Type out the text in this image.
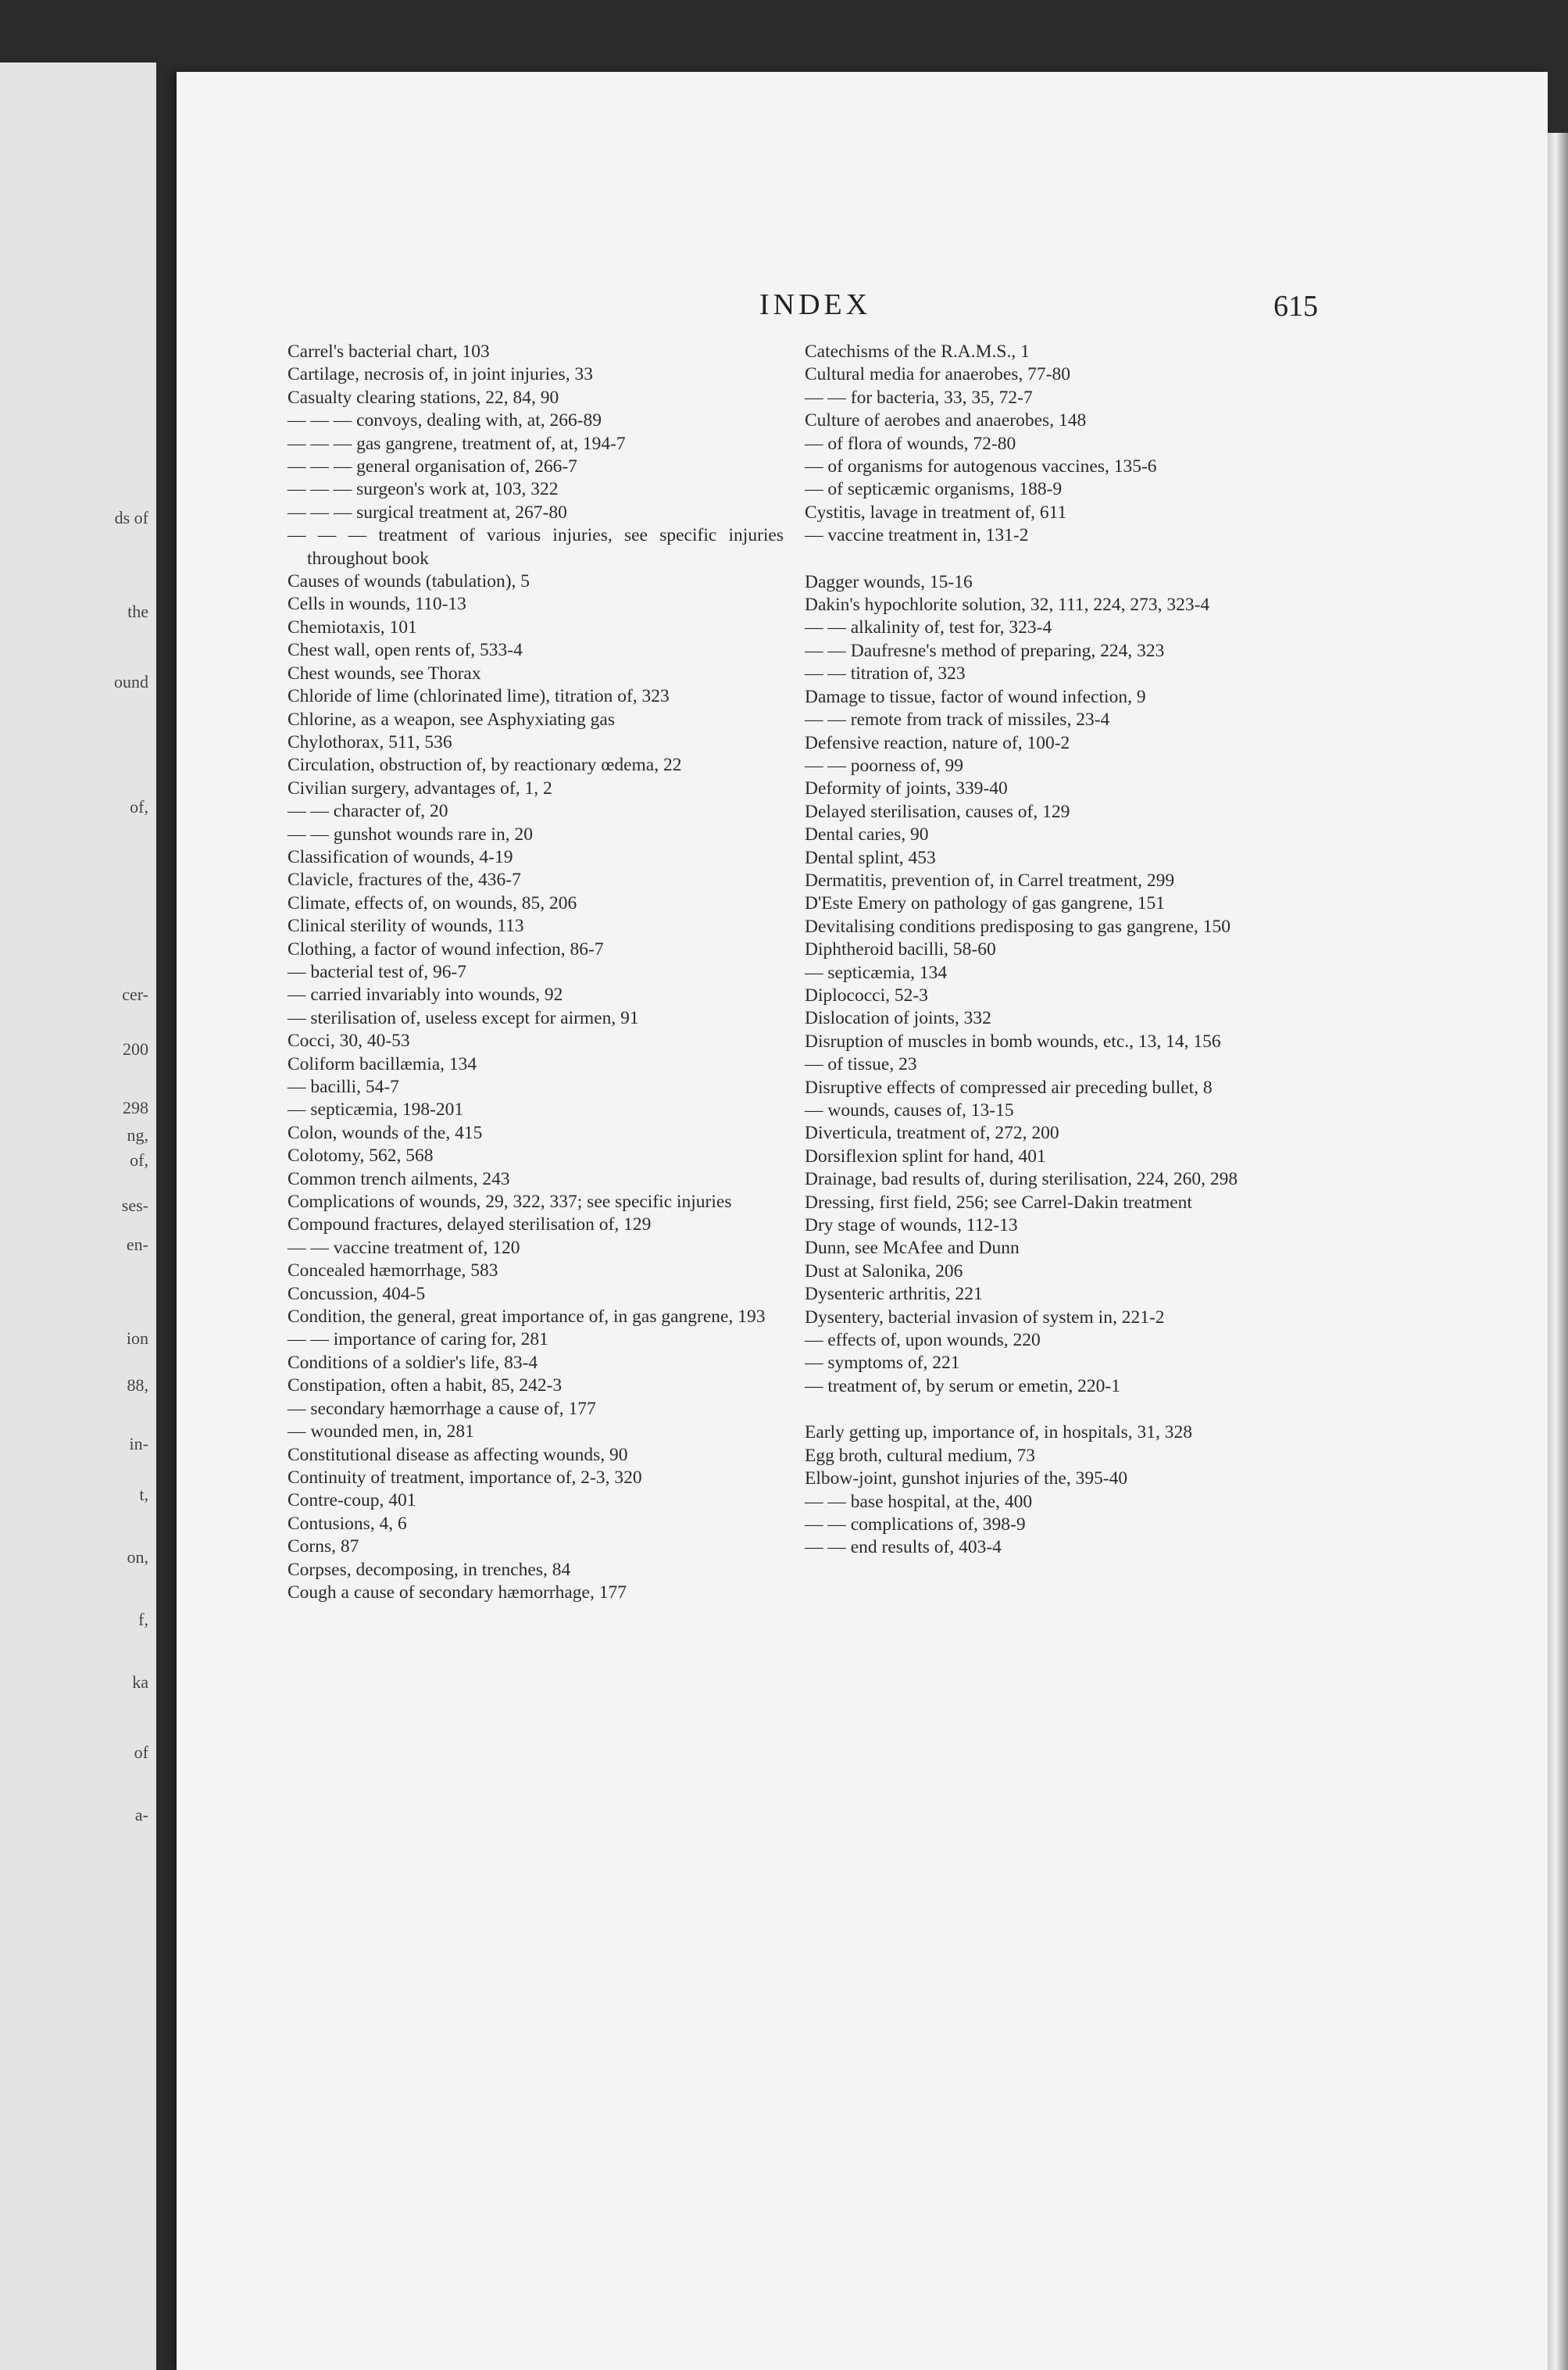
ds of
the
ound
of,
cer-
200
298
ng,
of,
ses-
en-
ion
88,
in-
t,
on,
f,
ka
of
a-
INDEX	615
Carrel's bacterial chart, 103
Cartilage, necrosis of, in joint injuries, 33
Casualty clearing stations, 22, 84, 90
— — — convoys, dealing with, at, 266-89
— — — gas gangrene, treatment of, at, 194-7
— — — general organisation of, 266-7
— — — surgeon's work at, 103, 322
— — — surgical treatment at, 267-80
— — — treatment of various injuries, see specific injuries throughout book
Causes of wounds (tabulation), 5
Cells in wounds, 110-13
Chemiotaxis, 101
Chest wall, open rents of, 533-4
Chest wounds, see Thorax
Chloride of lime (chlorinated lime), titration of, 323
Chlorine, as a weapon, see Asphyxiating gas
Chylothorax, 511, 536
Circulation, obstruction of, by reactionary œdema, 22
Civilian surgery, advantages of, 1, 2
— — character of, 20
— — gunshot wounds rare in, 20
Classification of wounds, 4-19
Clavicle, fractures of the, 436-7
Climate, effects of, on wounds, 85, 206
Clinical sterility of wounds, 113
Clothing, a factor of wound infection, 86-7
— bacterial test of, 96-7
— carried invariably into wounds, 92
— sterilisation of, useless except for airmen, 91
Cocci, 30, 40-53
Coliform bacillæmia, 134
— bacilli, 54-7
— septicæmia, 198-201
Colon, wounds of the, 415
Colotomy, 562, 568
Common trench ailments, 243
Complications of wounds, 29, 322, 337; see specific injuries
Compound fractures, delayed sterilisation of, 129
— — vaccine treatment of, 120
Concealed hæmorrhage, 583
Concussion, 404-5
Condition, the general, great importance of, in gas gangrene, 193
— — importance of caring for, 281
Conditions of a soldier's life, 83-4
Constipation, often a habit, 85, 242-3
— secondary hæmorrhage a cause of, 177
— wounded men, in, 281
Constitutional disease as affecting wounds, 90
Continuity of treatment, importance of, 2-3, 320
Contre-coup, 401
Contusions, 4, 6
Corns, 87
Corpses, decomposing, in trenches, 84
Cough a cause of secondary hæmorrhage, 177
Catechisms of the R.A.M.S., 1
Cultural media for anaerobes, 77-80
— — for bacteria, 33, 35, 72-7
Culture of aerobes and anaerobes, 148
— of flora of wounds, 72-80
— of organisms for autogenous vaccines, 135-6
— of septicæmic organisms, 188-9
Cystitis, lavage in treatment of, 611
— vaccine treatment in, 131-2
Dagger wounds, 15-16
Dakin's hypochlorite solution, 32, 111, 224, 273, 323-4
— — alkalinity of, test for, 323-4
— — Daufresne's method of preparing, 224, 323
— — titration of, 323
Damage to tissue, factor of wound infection, 9
— — remote from track of missiles, 23-4
Defensive reaction, nature of, 100-2
— — poorness of, 99
Deformity of joints, 339-40
Delayed sterilisation, causes of, 129
Dental caries, 90
Dental splint, 453
Dermatitis, prevention of, in Carrel treatment, 299
D'Este Emery on pathology of gas gangrene, 151
Devitalising conditions predisposing to gas gangrene, 150
Diphtheroid bacilli, 58-60
— septicæmia, 134
Diplococci, 52-3
Dislocation of joints, 332
Disruption of muscles in bomb wounds, etc., 13, 14, 156
— of tissue, 23
Disruptive effects of compressed air preceding bullet, 8
— wounds, causes of, 13-15
Diverticula, treatment of, 272, 200
Dorsiflexion splint for hand, 401
Drainage, bad results of, during sterilisation, 224, 260, 298
Dressing, first field, 256; see Carrel-Dakin treatment
Dry stage of wounds, 112-13
Dunn, see McAfee and Dunn
Dust at Salonika, 206
Dysenteric arthritis, 221
Dysentery, bacterial invasion of system in, 221-2
— effects of, upon wounds, 220
— symptoms of, 221
— treatment of, by serum or emetin, 220-1
Early getting up, importance of, in hospitals, 31, 328
Egg broth, cultural medium, 73
Elbow-joint, gunshot injuries of the, 395-40
— — base hospital, at the, 400
— — complications of, 398-9
— — end results of, 403-4
